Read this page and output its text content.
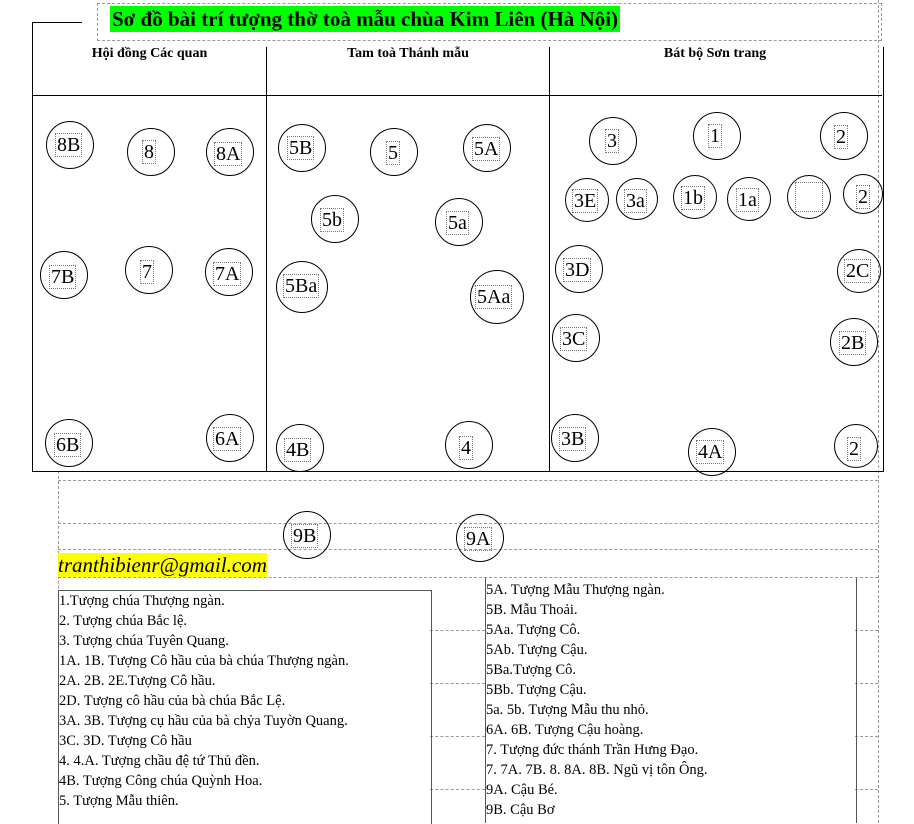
Sơ đồ bài trí tượng thờ toà mẫu chùa Kim Liên (Hà Nội)
Hội đồng Các quan	Tam toà Thánh mẫu	Bát bộ Sơn trang
8B	8	8A
7B	7	7A
6B	6A
5B	5	5A
5b	5a
5Ba	5Aa
4B	4
3	1	2
3E 3a 1b 1a	2
3D	2C
3C	2B
3B
4A	2
9B	9A
tranthibienr@gmail.com
1.Tượng chúa Thượng ngàn.
2. Tượng chúa Bắc lệ.
3. Tượng chúa Tuyên Quang.
1A. 1B. Tượng Cô hầu của bà chúa Thượng ngàn.
2A. 2B. 2E.Tượng Cô hầu.
2D. Tượng cô hầu của bà chúa Bắc Lệ.
3A. 3B. Tượng cụ hầu của bà chỷa Tuyờn Quang.
3C. 3D. Tượng Cô hầu
4. 4.A. Tượng chầu đệ tứ Thủ đền.
4B. Tượng Công chúa Quỳnh Hoa.
5. Tượng Mẫu thiên.
5A. Tượng Mẫu Thượng ngàn.
5B. Mẫu Thoải.
5Aa. Tượng Cô.
5Ab. Tượng Cậu.
5Ba.Tượng Cô.
5Bb. Tượng Cậu.
5a. 5b. Tượng Mẫu thu nhỏ.
6A. 6B. Tượng Cậu hoàng.
7. Tượng đức thánh Trần Hưng Đạo.
7. 7A. 7B. 8. 8A. 8B. Ngũ vị tôn Ông.
9A. Cậu Bé.
9B. Cậu Bơ
